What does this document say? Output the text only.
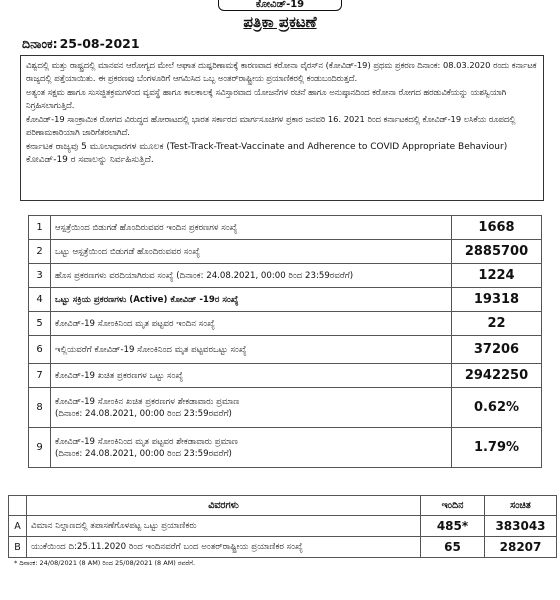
ಕೋವಿಡ್-19
ಪತ್ರಿಕಾ ಪ್ರಕಟಣೆ
ದಿನಾಂಕ: 25-08-2021

ವಿಶ್ವದಲ್ಲಿ ಮತ್ತು ರಾಷ್ಟ್ರದಲ್ಲಿ ಮಾನವನ ಆರೋಗ್ಯದ ಮೇಲೆ ಆಘಾತ ದುಷ್ಪರಿಣಾಮಕ್ಕೆ ಕಾರಣವಾದ ಕರೋನಾ ವೈರಸ್‌ನ (ಕೋವಿಡ್-19) ಪ್ರಥಮ ಪ್ರಕರಣ ದಿನಾಂಕ: 08.03.2020 ರಂದು ಕರ್ನಾಟಕ ರಾಜ್ಯದಲ್ಲಿ ಪತ್ತೆಯಾಯಿತು. ಈ ಪ್ರಕರಣವು ಬೆಂಗಳೂರಿಗೆ ಆಗಮಿಸಿದ ಒಬ್ಬ ಅಂತರ್‌ರಾಷ್ಟ್ರೀಯ ಪ್ರಯಾಣಿಕರಲ್ಲಿ ಕಂಡುಬಂದಿರುತ್ತದೆ.

ಅತ್ಯಂತ ಸಕ್ಷಮ ಹಾಗೂ ಸುಸಜ್ಜಿತಕ್ರಮಗಳಿಂದ ವ್ಯವಸ್ಥೆ ಹಾಗೂ ಕಾಲಕಾಲಕ್ಕೆ ಸವಿಸ್ತಾರವಾದ ಯೋಜನೆಗಳ ರಚನೆ ಹಾಗೂ ಅನುಷ್ಠಾನದಿಂದ ಕರೋನಾ ರೋಗದ ಹರಡುವಿಕೆಯನ್ನು ಯಶಸ್ವಿಯಾಗಿ ನಿಗ್ರಹಿಸಲಾಗುತ್ತಿದೆ.

ಕೋವಿಡ್-19 ಸಾಂಕ್ರಾಮಿಕ ರೋಗದ ವಿರುದ್ಧದ ಹೋರಾಟದಲ್ಲಿ ಭಾರತ ಸರ್ಕಾರದ ಮಾರ್ಗಸೂಚಿಗಳ ಪ್ರಕಾರ ಜನವರಿ 16. 2021 ರಿಂದ ಕರ್ನಾಟಕದಲ್ಲಿ ಕೋವಿಡ್-19 ಲಸಿಕೆಯ ರೂಪದಲ್ಲಿ ಪರಿಣಾಮಕಾರಿಯಾಗಿ ಜಾರಿಗೆತರಲಾಗಿದೆ.

ಕರ್ನಾಟಕ ರಾಜ್ಯವು 5 ಮೂಲಾಧಾರಗಳ ಮೂಲಕ (Test-Track-Treat-Vaccinate and Adherence to COVID Appropriate Behaviour) ಕೋವಿಡ್-19 ರ ಸವಾಲನ್ನು ನಿರ್ವಹಿಸುತ್ತಿದೆ.

1	ಆಸ್ಪತ್ರೆಯಿಂದ ಬಿಡುಗಡೆ ಹೊಂದಿರುವವರ ಇಂದಿನ ಪ್ರಕರಣಗಳ ಸಂಖ್ಯೆ	1668
2	ಒಟ್ಟು ಆಸ್ಪತ್ರೆಯಿಂದ ಬಿಡುಗಡೆ ಹೊಂದಿರುವವರ ಸಂಖ್ಯೆ	2885700
3	ಹೊಸ ಪ್ರಕರಣಗಳು ವರದಿಯಾಗಿರುವ ಸಂಖ್ಯೆ (ದಿನಾಂಕ: 24.08.2021, 00:00 ರಿಂದ 23:59ರವರೆಗೆ)	1224
4	ಒಟ್ಟು ಸಕ್ರಿಯ ಪ್ರಕರಣಗಳು (Active) ಕೋವಿಡ್ -19ರ ಸಂಖ್ಯೆ	19318
5	ಕೋವಿಡ್-19 ಸೋಂಕಿನಿಂದ ಮೃತ ಪಟ್ಟವರ ಇಂದಿನ ಸಂಖ್ಯೆ	22
6	ಇಲ್ಲಿಯವರೆಗೆ ಕೋವಿಡ್-19 ಸೋಂಕಿನಿಂದ ಮೃತ ಪಟ್ಟವರಒಟ್ಟು ಸಂಖ್ಯೆ	37206
7	ಕೋವಿಡ್-19 ಖಚಿತ ಪ್ರಕರಣಗಳ ಒಟ್ಟು ಸಂಖ್ಯೆ	2942250
8	ಕೋವಿಡ್-19 ಸೋಂಕಿನ ಖಚಿತ ಪ್ರಕರಣಗಳ ಶೇಕಡಾವಾರು ಪ್ರಮಾಣ
(ದಿನಾಂಕ: 24.08.2021, 00:00 ರಿಂದ 23:59ರವರೆಗೆ)	0.62%
9	ಕೋವಿಡ್-19 ಸೋಂಕಿನಿಂದ ಮೃತ ಪಟ್ಟವರ ಶೇಕಡಾವಾರು ಪ್ರಮಾಣ
(ದಿನಾಂಕ: 24.08.2021, 00:00 ರಿಂದ 23:59ರವರೆಗೆ)	1.79%
	ವಿವರಗಳು	ಇಂದಿನ	ಸಂಚಿತ
A	ವಿಮಾನ ನಿಲ್ದಾಣದಲ್ಲಿ ತಪಾಸಣೆಗೊಳಪಟ್ಟ ಒಟ್ಟು ಪ್ರಯಾಣಿಕರು	485*	383043
B	ಯುಕೆಯಿಂದ ದಿ:25.11.2020 ರಿಂದ ಇಂದಿನವರೆಗೆ ಬಂದ ಅಂತರ್‌ರಾಷ್ಟ್ರೀಯ ಪ್ರಯಾಣಿಕರ ಸಂಖ್ಯೆ	65	28207
* ದಿನಾಂಕ: 24/08/2021 (8 AM) ರಿಂದ 25/08/2021 (8 AM) ರವರೆಗೆ.
